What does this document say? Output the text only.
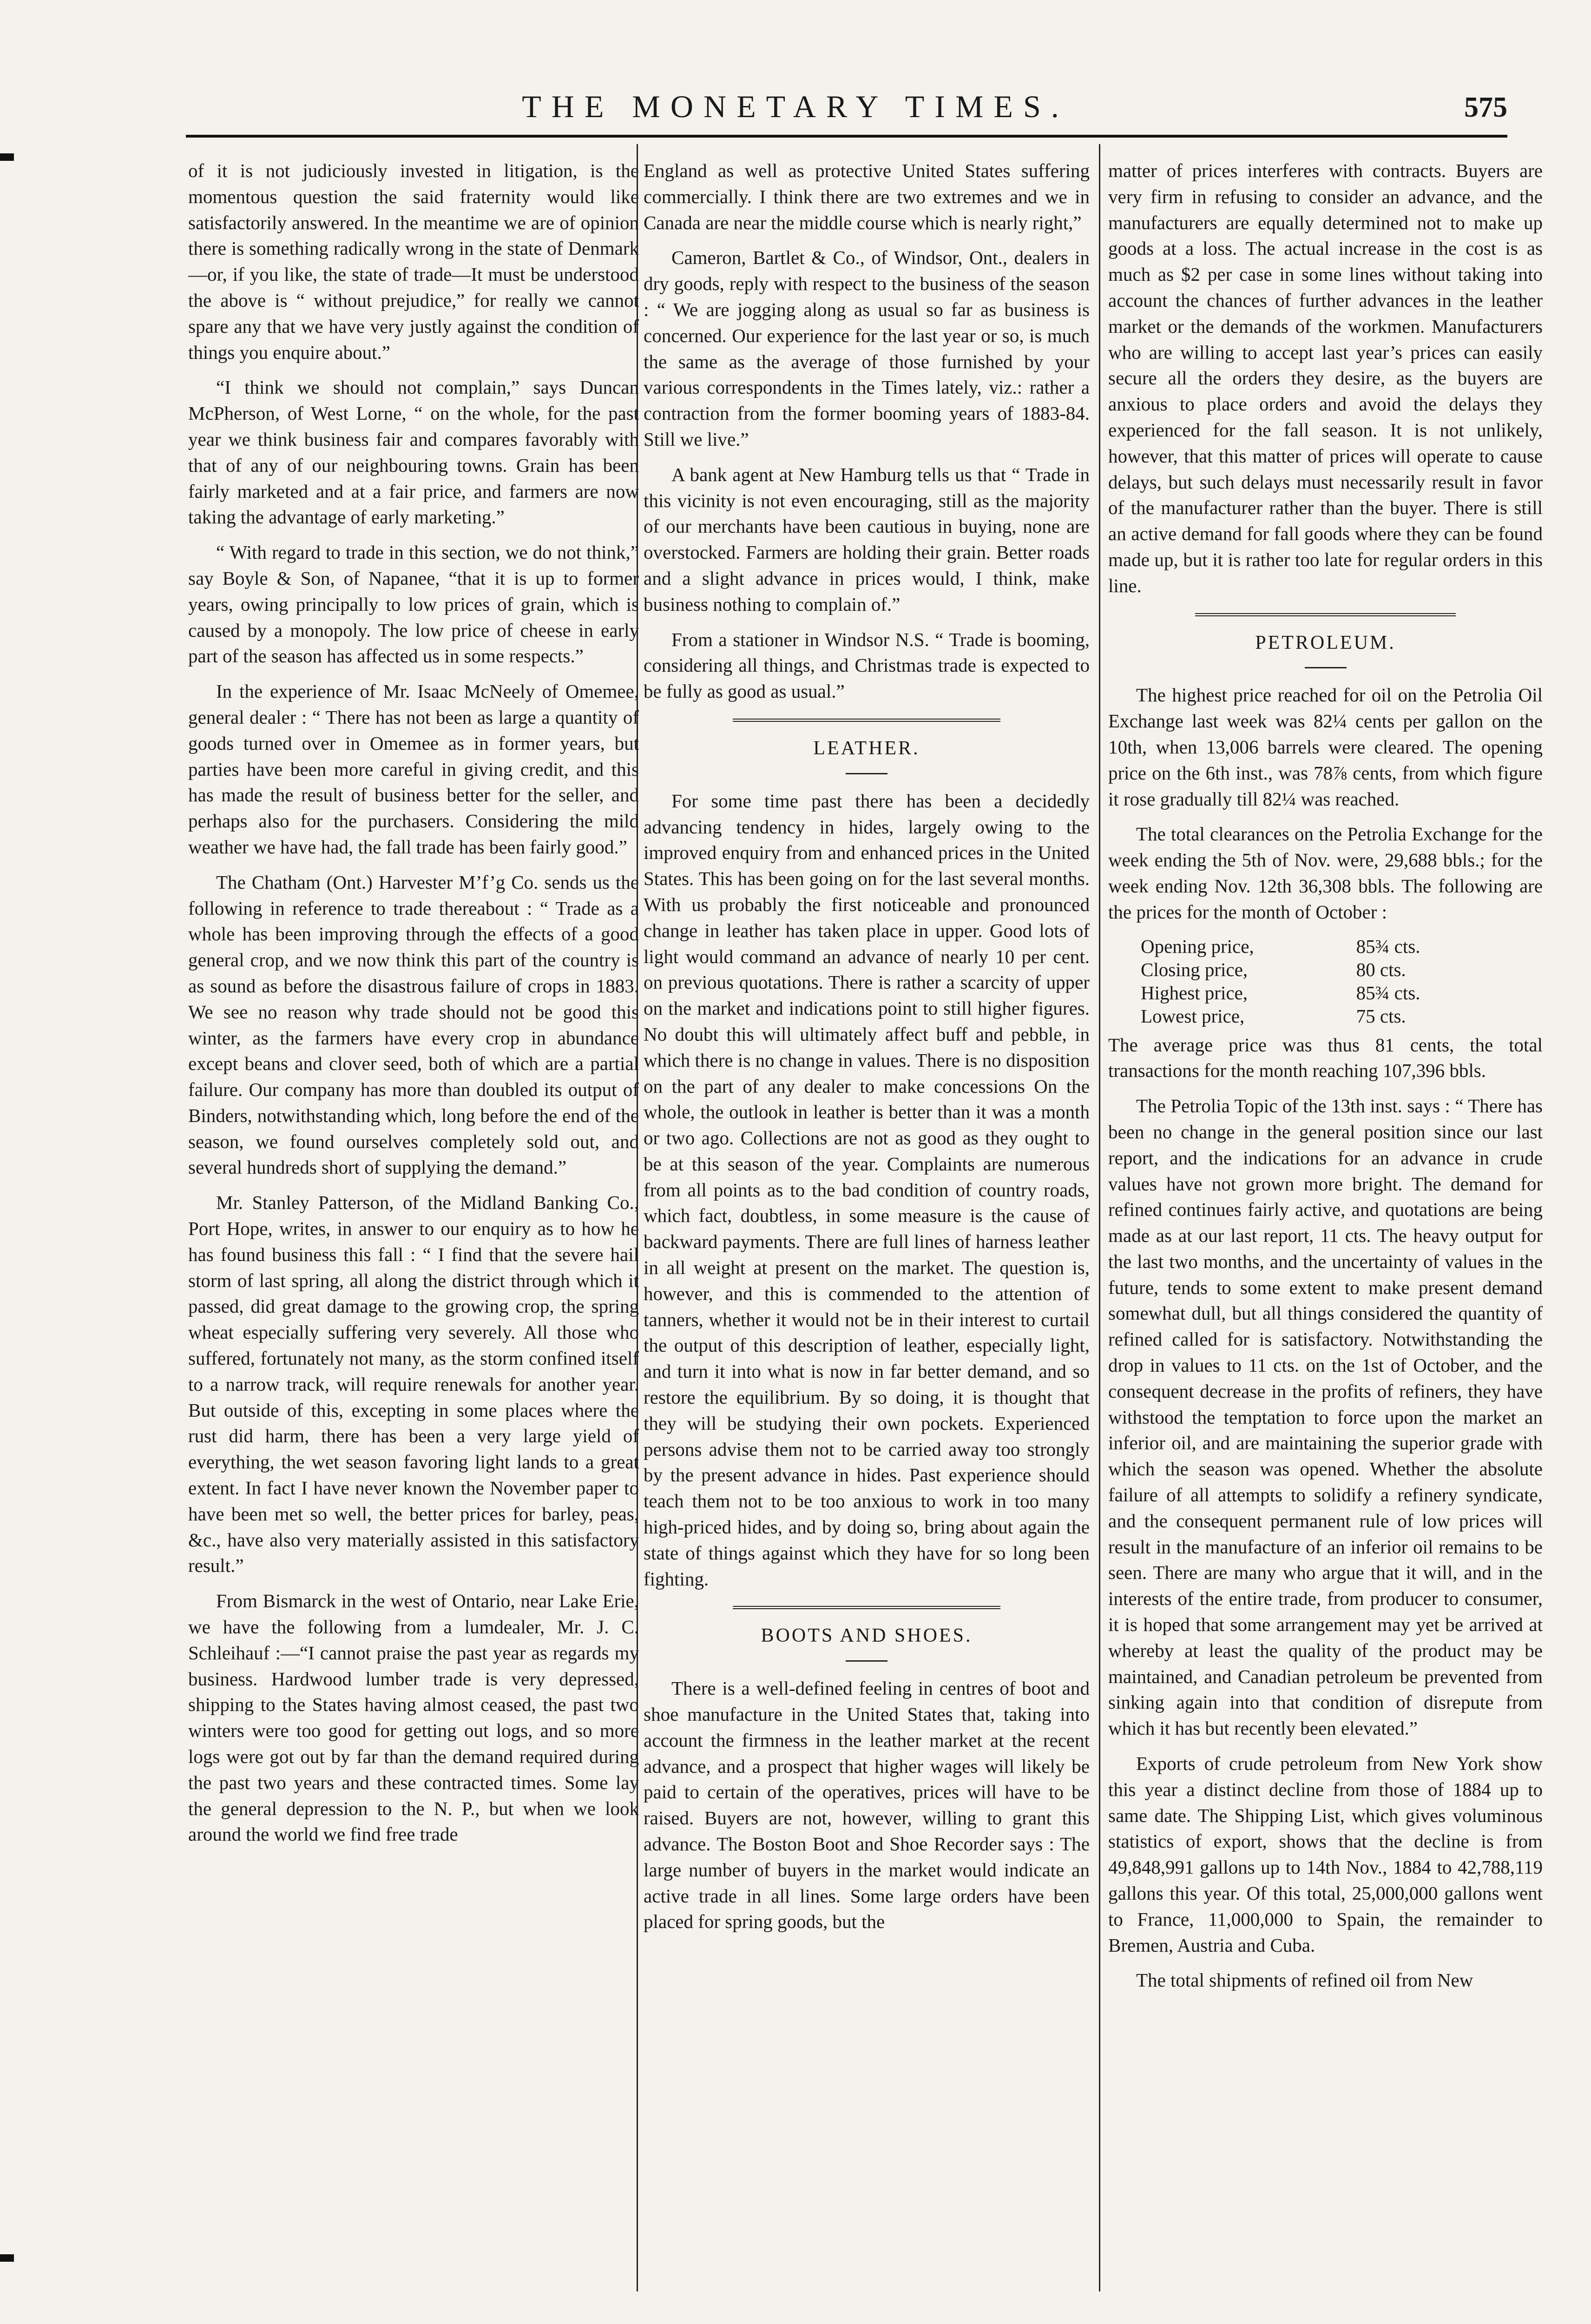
THE MONETARY TIMES.	575

of it is not judiciously invested in litigation, is the momentous question the said fraternity would like satisfactorily answered. In the meantime we are of opinion there is something radically wrong in the state of Denmark—or, if you like, the state of trade—It must be understood the above is “ without prejudice,” for really we cannot spare any that we have very justly against the condition of things you enquire about.”

“I think we should not complain,” says Duncan McPherson, of West Lorne, “ on the whole, for the past year we think business fair and compares favorably with that of any of our neighbouring towns. Grain has been fairly marketed and at a fair price, and farmers are now taking the advantage of early marketing.”

“ With regard to trade in this section, we do not think,” say Boyle & Son, of Napanee, “that it is up to former years, owing principally to low prices of grain, which is caused by a monopoly. The low price of cheese in early part of the season has affected us in some respects.”

In the experience of Mr. Isaac McNeely of Omemee, general dealer : “ There has not been as large a quantity of goods turned over in Omemee as in former years, but parties have been more careful in giving credit, and this has made the result of business better for the seller, and perhaps also for the purchasers. Considering the mild weather we have had, the fall trade has been fairly good.”

The Chatham (Ont.) Harvester M’f’g Co. sends us the following in reference to trade thereabout : “ Trade as a whole has been improving through the effects of a good general crop, and we now think this part of the country is as sound as before the disastrous failure of crops in 1883. We see no reason why trade should not be good this winter, as the farmers have every crop in abundance except beans and clover seed, both of which are a partial failure. Our company has more than doubled its output of Binders, notwithstanding which, long before the end of the season, we found ourselves completely sold out, and several hundreds short of supplying the demand.”

Mr. Stanley Patterson, of the Midland Banking Co., Port Hope, writes, in answer to our enquiry as to how he has found business this fall : “ I find that the severe hail storm of last spring, all along the district through which it passed, did great damage to the growing crop, the spring wheat especially suffering very severely. All those who suffered, fortunately not many, as the storm confined itself to a narrow track, will require renewals for another year. But outside of this, excepting in some places where the rust did harm, there has been a very large yield of everything, the wet season favoring light lands to a great extent. In fact I have never known the November paper to have been met so well, the better prices for barley, peas, &c., have also very materially assisted in this satisfactory result.”

From Bismarck in the west of Ontario, near Lake Erie, we have the following from a lumdealer, Mr. J. C. Schleihauf :—“I cannot praise the past year as regards my business. Hardwood lumber trade is very depressed, shipping to the States having almost ceased, the past two winters were too good for getting out logs, and so more logs were got out by far than the demand required during the past two years and these contracted times. Some lay the general depression to the N. P., but when we look around the world we find free trade

England as well as protective United States suffering commercially. I think there are two extremes and we in Canada are near the middle course which is nearly right,”

Cameron, Bartlet & Co., of Windsor, Ont., dealers in dry goods, reply with respect to the business of the season : “ We are jogging along as usual so far as business is concerned. Our experience for the last year or so, is much the same as the average of those furnished by your various correspondents in the Times lately, viz.: rather a contraction from the former booming years of 1883-84. Still we live.”

A bank agent at New Hamburg tells us that “ Trade in this vicinity is not even encouraging, still as the majority of our merchants have been cautious in buying, none are overstocked. Farmers are holding their grain. Better roads and a slight advance in prices would, I think, make business nothing to complain of.”

From a stationer in Windsor N.S. “ Trade is booming, considering all things, and Christmas trade is expected to be fully as good as usual.”

LEATHER.

For some time past there has been a decidedly advancing tendency in hides, largely owing to the improved enquiry from and enhanced prices in the United States. This has been going on for the last several months. With us probably the first noticeable and pronounced change in leather has taken place in upper. Good lots of light would command an advance of nearly 10 per cent. on previous quotations. There is rather a scarcity of upper on the market and indications point to still higher figures. No doubt this will ultimately affect buff and pebble, in which there is no change in values. There is no disposition on the part of any dealer to make concessions On the whole, the outlook in leather is better than it was a month or two ago. Collections are not as good as they ought to be at this season of the year. Complaints are numerous from all points as to the bad condition of country roads, which fact, doubtless, in some measure is the cause of backward payments. There are full lines of harness leather in all weight at present on the market. The question is, however, and this is commended to the attention of tanners, whether it would not be in their interest to curtail the output of this description of leather, especially light, and turn it into what is now in far better demand, and so restore the equilibrium. By so doing, it is thought that they will be studying their own pockets. Experienced persons advise them not to be carried away too strongly by the present advance in hides. Past experience should teach them not to be too anxious to work in too many high-priced hides, and by doing so, bring about again the state of things against which they have for so long been fighting.

BOOTS AND SHOES.

There is a well-defined feeling in centres of boot and shoe manufacture in the United States that, taking into account the firmness in the leather market at the recent advance, and a prospect that higher wages will likely be paid to certain of the operatives, prices will have to be raised. Buyers are not, however, willing to grant this advance. The Boston Boot and Shoe Recorder says : The large number of buyers in the market would indicate an active trade in all lines. Some large orders have been placed for spring goods, but the

matter of prices interferes with contracts. Buyers are very firm in refusing to consider an advance, and the manufacturers are equally determined not to make up goods at a loss. The actual increase in the cost is as much as $2 per case in some lines without taking into account the chances of further advances in the leather market or the demands of the workmen. Manufacturers who are willing to accept last year’s prices can easily secure all the orders they desire, as the buyers are anxious to place orders and avoid the delays they experienced for the fall season. It is not unlikely, however, that this matter of prices will operate to cause delays, but such delays must necessarily result in favor of the manufacturer rather than the buyer. There is still an active demand for fall goods where they can be found made up, but it is rather too late for regular orders in this line.

PETROLEUM.

The highest price reached for oil on the Petrolia Oil Exchange last week was 82¼ cents per gallon on the 10th, when 13,006 barrels were cleared. The opening price on the 6th inst., was 78⅞ cents, from which figure it rose gradually till 82¼ was reached.

The total clearances on the Petrolia Exchange for the week ending the 5th of Nov. were, 29,688 bbls.; for the week ending Nov. 12th 36,308 bbls. The following are the prices for the month of October :

Opening price,	85¾ cts.
Closing price,	80 cts.
Highest price,	85¾ cts.
Lowest price,	75 cts.

The average price was thus 81 cents, the total transactions for the month reaching 107,396 bbls.

The Petrolia Topic of the 13th inst. says : “ There has been no change in the general position since our last report, and the indications for an advance in crude values have not grown more bright. The demand for refined continues fairly active, and quotations are being made as at our last report, 11 cts. The heavy output for the last two months, and the uncertainty of values in the future, tends to some extent to make present demand somewhat dull, but all things considered the quantity of refined called for is satisfactory. Notwithstanding the drop in values to 11 cts. on the 1st of October, and the consequent decrease in the profits of refiners, they have withstood the temptation to force upon the market an inferior oil, and are maintaining the superior grade with which the season was opened. Whether the absolute failure of all attempts to solidify a refinery syndicate, and the consequent permanent rule of low prices will result in the manufacture of an inferior oil remains to be seen. There are many who argue that it will, and in the interests of the entire trade, from producer to consumer, it is hoped that some arrangement may yet be arrived at whereby at least the quality of the product may be maintained, and Canadian petroleum be prevented from sinking again into that condition of disrepute from which it has but recently been elevated.”

Exports of crude petroleum from New York show this year a distinct decline from those of 1884 up to same date. The Shipping List, which gives voluminous statistics of export, shows that the decline is from 49,848,991 gallons up to 14th Nov., 1884 to 42,788,119 gallons this year. Of this total, 25,000,000 gallons went to France, 11,000,000 to Spain, the remainder to Bremen, Austria and Cuba.

The total shipments of refined oil from New
